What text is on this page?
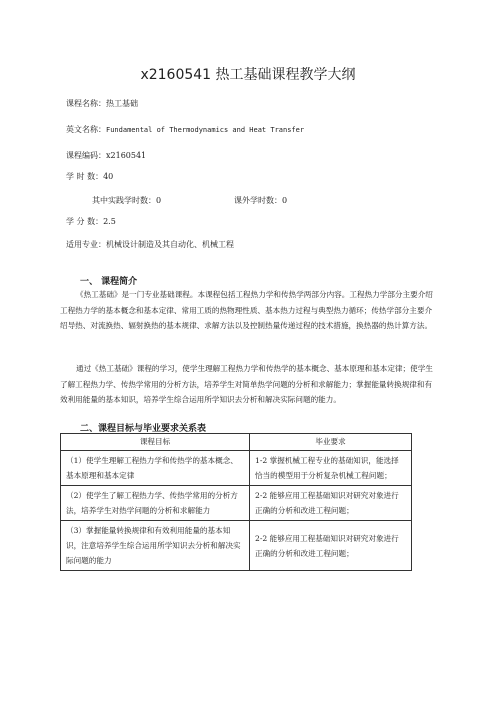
x2160541 热工基础课程教学大纲
课程名称：热工基础
英文名称：Fundamental of Thermodynamics and Heat Transfer
课程编码：x2160541
学 时 数：40
其中实践学时数：0	课外学时数：0
学 分 数：2.5
适用专业：机械设计制造及其自动化、机械工程
一、 课程简介

《热工基础》是一门专业基础课程。本课程包括工程热力学和传热学两部分内容。工程热力学部分主要介绍工程热力学的基本概念和基本定律、常用工质的热物理性质、基本热力过程与典型热力循环；传热学部分主要介绍导热、对流换热、辐射换热的基本规律、求解方法以及控制热量传递过程的技术措施，换热器的热计算方法。

通过《热工基础》课程的学习，使学生理解工程热力学和传热学的基本概念、基本原理和基本定律；使学生了解工程热力学、传热学常用的分析方法，培养学生对简单热学问题的分析和求解能力；掌握能量转换规律和有效利用能量的基本知识，培养学生综合运用所学知识去分析和解决实际问题的能力。

二、课程目标与毕业要求关系表
课程目标	毕业要求
（1）使学生理解工程热力学和传热学的基本概念、基本原理和基本定律	1-2 掌握机械工程专业的基础知识，能选择恰当的模型用于分析复杂机械工程问题；
（2）使学生了解工程热力学、传热学常用的分析方法，培养学生对热学问题的分析和求解能力	2-2 能够应用工程基础知识对研究对象进行正确的分析和改进工程问题；
（3）掌握能量转换规律和有效利用能量的基本知识，注意培养学生综合运用所学知识去分析和解决实际问题的能力	2-2 能够应用工程基础知识对研究对象进行正确的分析和改进工程问题；
